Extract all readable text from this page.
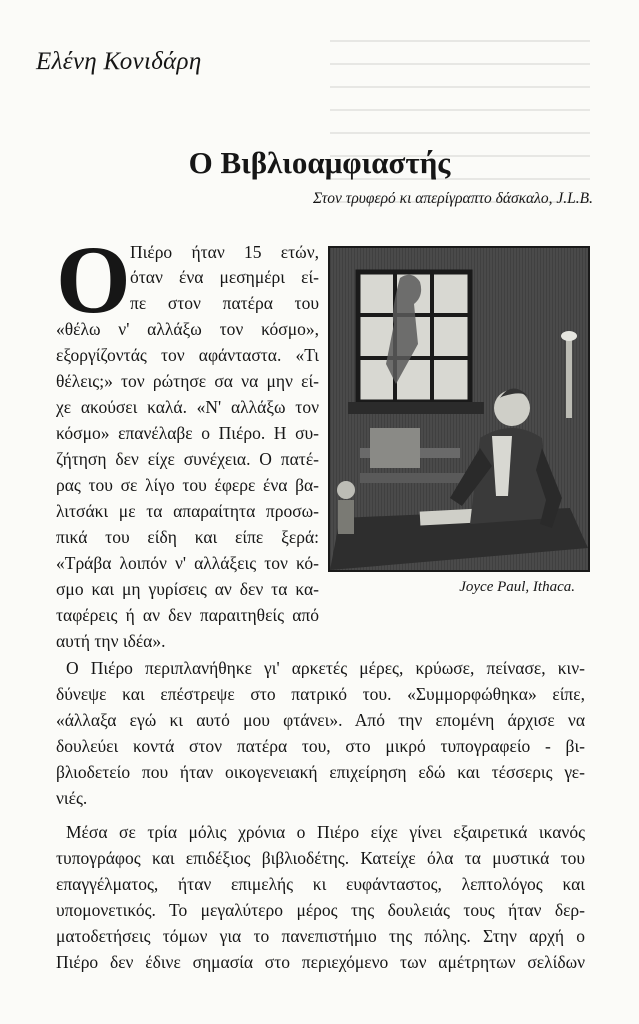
Ελένη Κονιδάρη
Ο Βιβλιοαμφιαστής
Στον τρυφερό κι απερίγραπτο δάσκαλο, J.L.B.
Ο Πιέρο ήταν 15 ετών,
όταν ένα μεσημέρι εί-
πε στον πατέρα του
«θέλω ν' αλλάξω τον κόσμο»,
εξοργίζοντάς τον αφάνταστα. «Τι
θέλεις;» τον ρώτησε σα να μην εί-
χε ακούσει καλά. «Ν' αλλάξω τον
κόσμο» επανέλαβε ο Πιέρο. Η συ-
ζήτηση δεν είχε συνέχεια. Ο πατέ-
ρας του σε λίγο του έφερε ένα βα-
λιτσάκι με τα απαραίτητα προσω-
πικά του είδη και είπε ξερά:
«Τράβα λοιπόν ν' αλλάξεις τον κό-
σμο και μη γυρίσεις αν δεν τα κα-
ταφέρεις ή αν δεν παραιτηθείς από
αυτή την ιδέα».
Joyce Paul, Ithaca.
Ο Πιέρο περιπλανήθηκε γι' αρκετές μέρες, κρύωσε, πείνασε, κιν-
δύνεψε και επέστρεψε στο πατρικό του. «Συμμορφώθηκα» είπε,
«άλλαξα εγώ κι αυτό μου φτάνει». Από την επομένη άρχισε να
δουλεύει κοντά στον πατέρα του, στο μικρό τυπογραφείο - βι-
βλιοδετείο που ήταν οικογενειακή επιχείρηση εδώ και τέσσερις γε-
νιές.
Μέσα σε τρία μόλις χρόνια ο Πιέρο είχε γίνει εξαιρετικά ικανός
τυπογράφος και επιδέξιος βιβλιοδέτης. Κατείχε όλα τα μυστικά του
επαγγέλματος, ήταν επιμελής κι ευφάνταστος, λεπτολόγος και
υπομονετικός. Το μεγαλύτερο μέρος της δουλειάς τους ήταν δερ-
ματοδετήσεις τόμων για το πανεπιστήμιο της πόλης. Στην αρχή ο
Πιέρο δεν έδινε σημασία στο περιεχόμενο των αμέτρητων σελίδων
